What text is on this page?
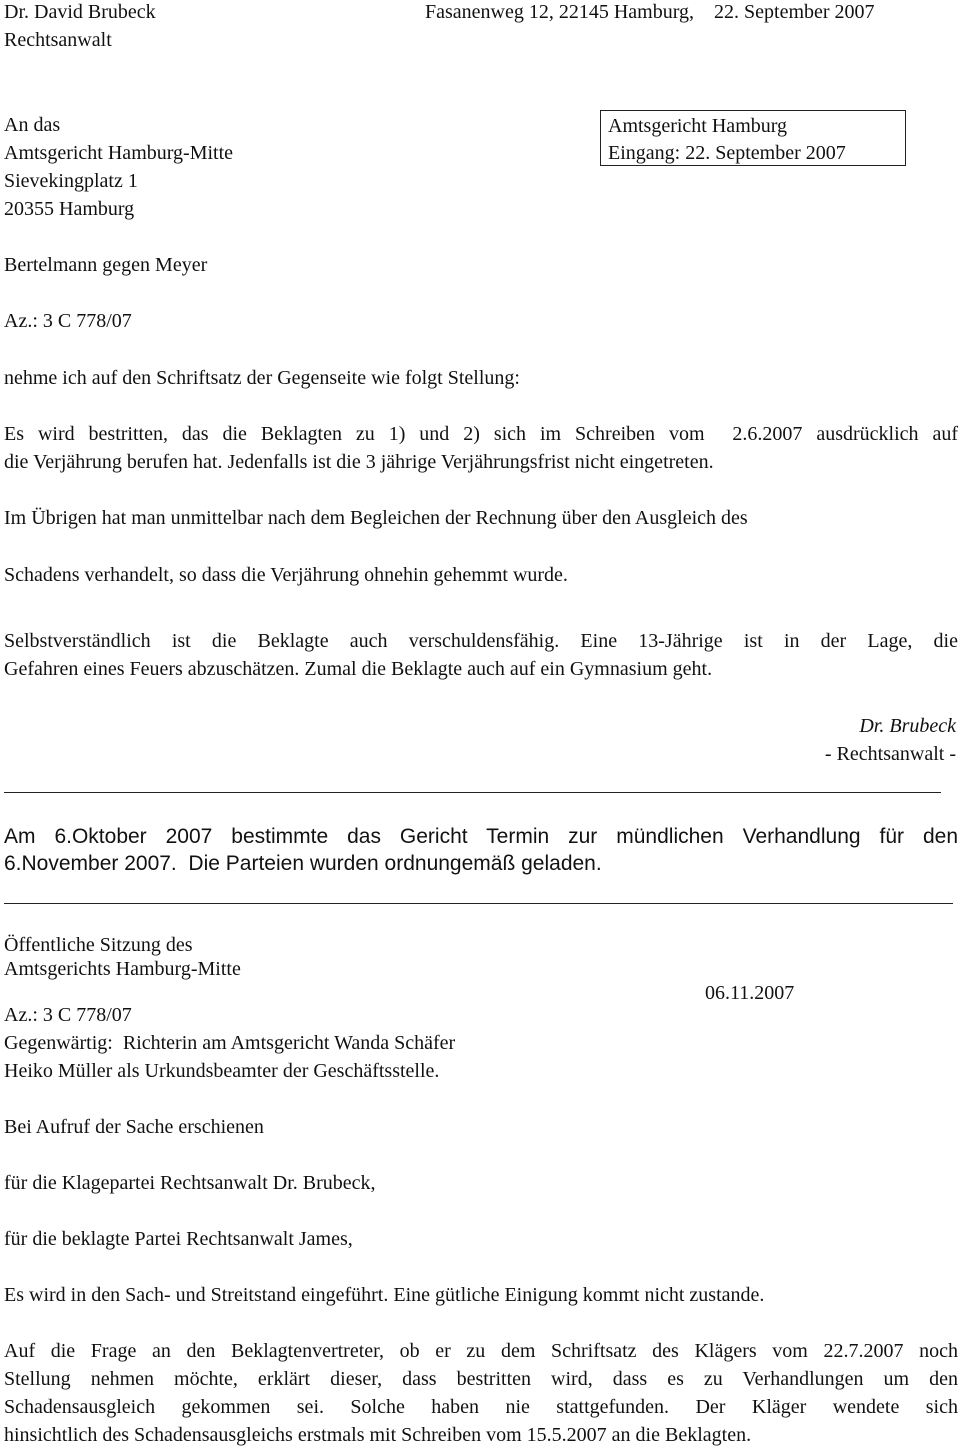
Dr. David Brubeck
Rechtsanwalt
Fasanenweg 12, 22145 Hamburg,    22. September 2007
An das
Amtsgericht Hamburg-Mitte
Sievekingplatz 1
20355 Hamburg
Amtsgericht Hamburg
Eingang: 22. September 2007
Bertelmann gegen Meyer
Az.: 3 C 778/07
nehme ich auf den Schriftsatz der Gegenseite wie folgt Stellung:
Es wird bestritten, das die Beklagten zu 1) und 2) sich im Schreiben vom  2.6.2007 ausdrücklich auf
die Verjährung berufen hat. Jedenfalls ist die 3 jährige Verjährungsfrist nicht eingetreten.
Im Übrigen hat man unmittelbar nach dem Begleichen der Rechnung über den Ausgleich des
Schadens verhandelt, so dass die Verjährung ohnehin gehemmt wurde.
Selbstverständlich ist die Beklagte auch verschuldensfähig. Eine 13-Jährige ist in der Lage, die
Gefahren eines Feuers abzuschätzen. Zumal die Beklagte auch auf ein Gymnasium geht.
Dr. Brubeck
- Rechtsanwalt -
Am 6.Oktober 2007 bestimmte das Gericht Termin zur mündlichen Verhandlung für den
6.November 2007.  Die Parteien wurden ordnungemäß geladen.
Öffentliche Sitzung des
Amtsgerichts Hamburg-Mitte
06.11.2007
Az.: 3 C 778/07
Gegenwärtig:  Richterin am Amtsgericht Wanda Schäfer
Heiko Müller als Urkundsbeamter der Geschäftsstelle.
Bei Aufruf der Sache erschienen
für die Klagepartei Rechtsanwalt Dr. Brubeck,
für die beklagte Partei Rechtsanwalt James,
Es wird in den Sach- und Streitstand eingeführt. Eine gütliche Einigung kommt nicht zustande.
Auf die Frage an den Beklagtenvertreter, ob er zu dem Schriftsatz des Klägers vom 22.7.2007 noch
Stellung nehmen möchte, erklärt dieser, dass bestritten wird, dass es zu Verhandlungen um den
Schadensausgleich gekommen sei. Solche haben nie stattgefunden. Der Kläger wendete sich
hinsichtlich des Schadensausgleichs erstmals mit Schreiben vom 15.5.2007 an die Beklagten.
